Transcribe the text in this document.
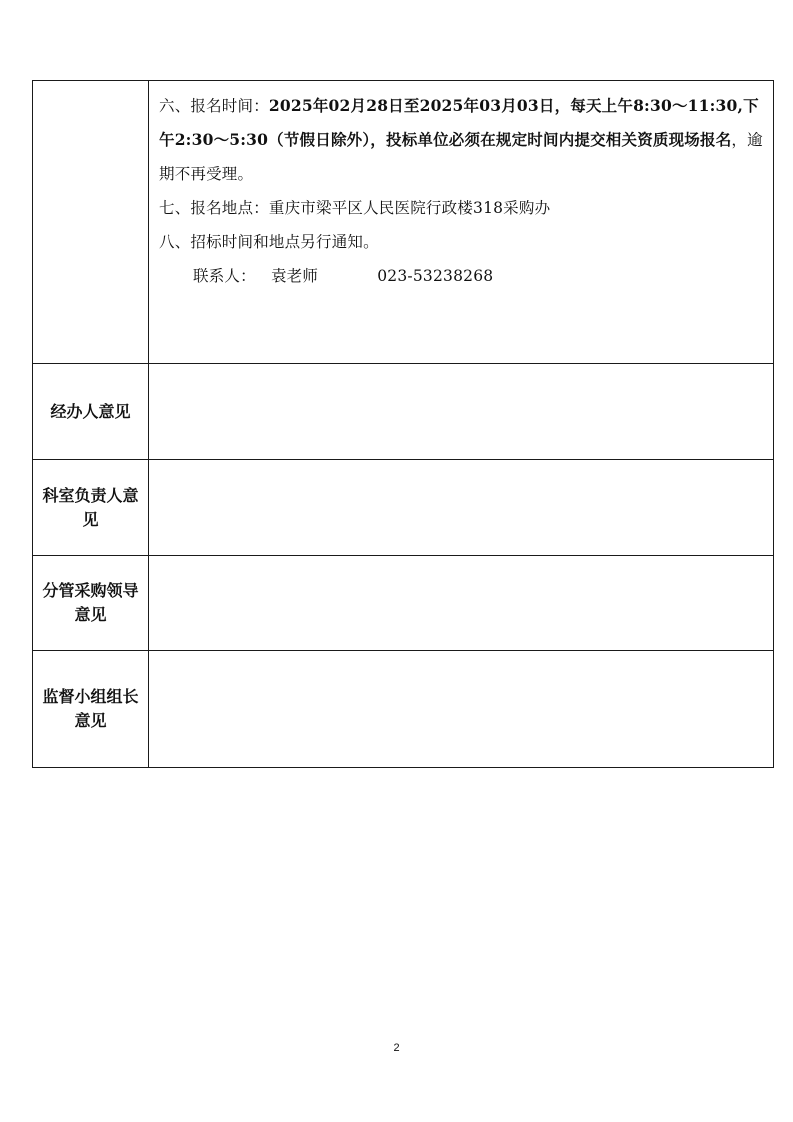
六、报名时间：2025年02月28日至2025年03月03日，每天上午8:30～11:30,下午2:30～5:30（节假日除外），投标单位必须在规定时间内提交相关资质现场报名，逾期不再受理。

七、报名地点：重庆市梁平区人民医院行政楼318采购办

八、招标时间和地点另行通知。

联系人： 袁老师	023-53238268

经办人意见
科室负责人意见
分管采购领导意见
监督小组组长意见
2
